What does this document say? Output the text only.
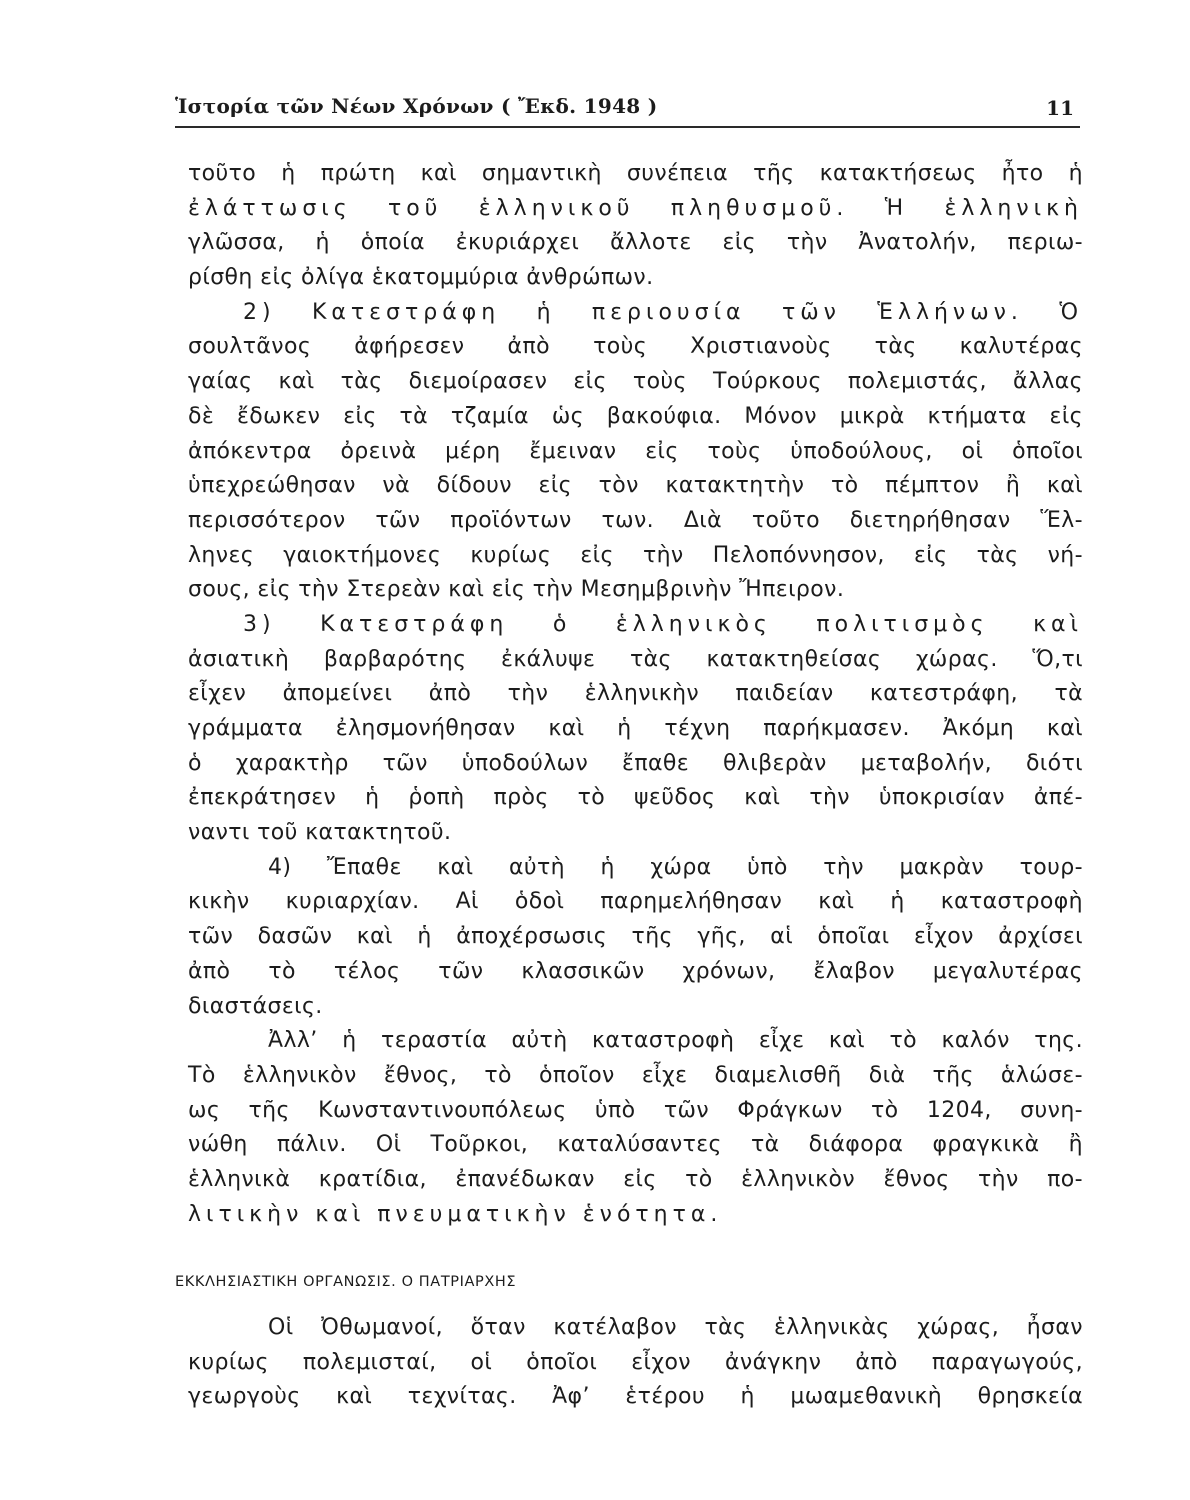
Ἱστορία τῶν Νέων Χρόνων ( Ἔκδ. 1948 )	11
τοῦτο ἡ πρώτη καὶ σημαντικὴ συνέπεια τῆς κατακτήσεως ἦτο ἡ
ἐλάττωσις τοῦ ἑλληνικοῦ πληθυσμοῦ. Ἡ ἑλληνικὴ
γλῶσσα, ἡ ὁποία ἐκυριάρχει ἄλλοτε εἰς τὴν Ἀνατολήν, περιω-
ρίσθη εἰς ὀλίγα ἑκατομμύρια ἀνθρώπων.
2) Κατεστράφη ἡ περιουσία τῶν Ἑλλήνων. Ὁ
σουλτᾶνος ἀφήρεσεν ἀπὸ τοὺς Χριστιανοὺς τὰς καλυτέρας
γαίας καὶ τὰς διεμοίρασεν εἰς τοὺς Τούρκους πολεμιστάς, ἄλλας
δὲ ἔδωκεν εἰς τὰ τζαμία ὡς βακούφια. Μόνον μικρὰ κτήματα εἰς
ἀπόκεντρα ὀρεινὰ μέρη ἔμειναν εἰς τοὺς ὑποδούλους, οἱ ὁποῖοι
ὑπεχρεώθησαν νὰ δίδουν εἰς τὸν κατακτητὴν τὸ πέμπτον ἢ καὶ
περισσότερον τῶν προϊόντων των. Διὰ τοῦτο διετηρήθησαν Ἕλ-
ληνες γαιοκτήμονες κυρίως εἰς τὴν Πελοπόννησον, εἰς τὰς νή-
σους, εἰς τὴν Στερεὰν καὶ εἰς τὴν Μεσημβρινὴν Ἤπειρον.
3) Κατεστράφη ὁ ἑλληνικὸς πολιτισμὸς καὶ
ἀσιατικὴ βαρβαρότης ἐκάλυψε τὰς κατακτηθείσας χώρας. Ὅ,τι
εἶχεν ἀπομείνει ἀπὸ τὴν ἑλληνικὴν παιδείαν κατεστράφη, τὰ
γράμματα ἐλησμονήθησαν καὶ ἡ τέχνη παρήκμασεν. Ἀκόμη καὶ
ὁ χαρακτὴρ τῶν ὑποδούλων ἔπαθε θλιβερὰν μεταβολήν, διότι
ἐπεκράτησεν ἡ ῥοπὴ πρὸς τὸ ψεῦδος καὶ τὴν ὑποκρισίαν ἀπέ-
ναντι τοῦ κατακτητοῦ.
4) Ἔπαθε καὶ αὐτὴ ἡ χώρα ὑπὸ τὴν μακρὰν τουρ-
κικὴν κυριαρχίαν. Αἱ ὁδοὶ παρημελήθησαν καὶ ἡ καταστροφὴ
τῶν δασῶν καὶ ἡ ἀποχέρσωσις τῆς γῆς, αἱ ὁποῖαι εἶχον ἀρχίσει
ἀπὸ τὸ τέλος τῶν κλασσικῶν χρόνων, ἔλαβον μεγαλυτέρας
διαστάσεις.
Ἀλλ’ ἡ τεραστία αὐτὴ καταστροφὴ εἶχε καὶ τὸ καλόν της.
Τὸ ἑλληνικὸν ἔθνος, τὸ ὁποῖον εἶχε διαμελισθῆ διὰ τῆς ἁλώσε-
ως τῆς Κωνσταντινουπόλεως ὑπὸ τῶν Φράγκων τὸ 1204, συνη-
νώθη πάλιν. Οἱ Τοῦρκοι, καταλύσαντες τὰ διάφορα φραγκικὰ ἢ
ἑλληνικὰ κρατίδια, ἐπανέδωκαν εἰς τὸ ἑλληνικὸν ἔθνος τὴν πο-
λιτικὴν καὶ πνευματικὴν ἑνότητα.
ΕΚΚΛΗΣΙΑΣΤΙΚΗ ΟΡΓΑΝΩΣΙΣ. Ο ΠΑΤΡΙΑΡΧΗΣ
Οἱ Ὀθωμανοί, ὅταν κατέλαβον τὰς ἑλληνικὰς χώρας, ἦσαν
κυρίως πολεμισταί, οἱ ὁποῖοι εἶχον ἀνάγκην ἀπὸ παραγωγούς,
γεωργοὺς καὶ τεχνίτας. Ἀφ’ ἑτέρου ἡ μωαμεθανικὴ θρησκεία
